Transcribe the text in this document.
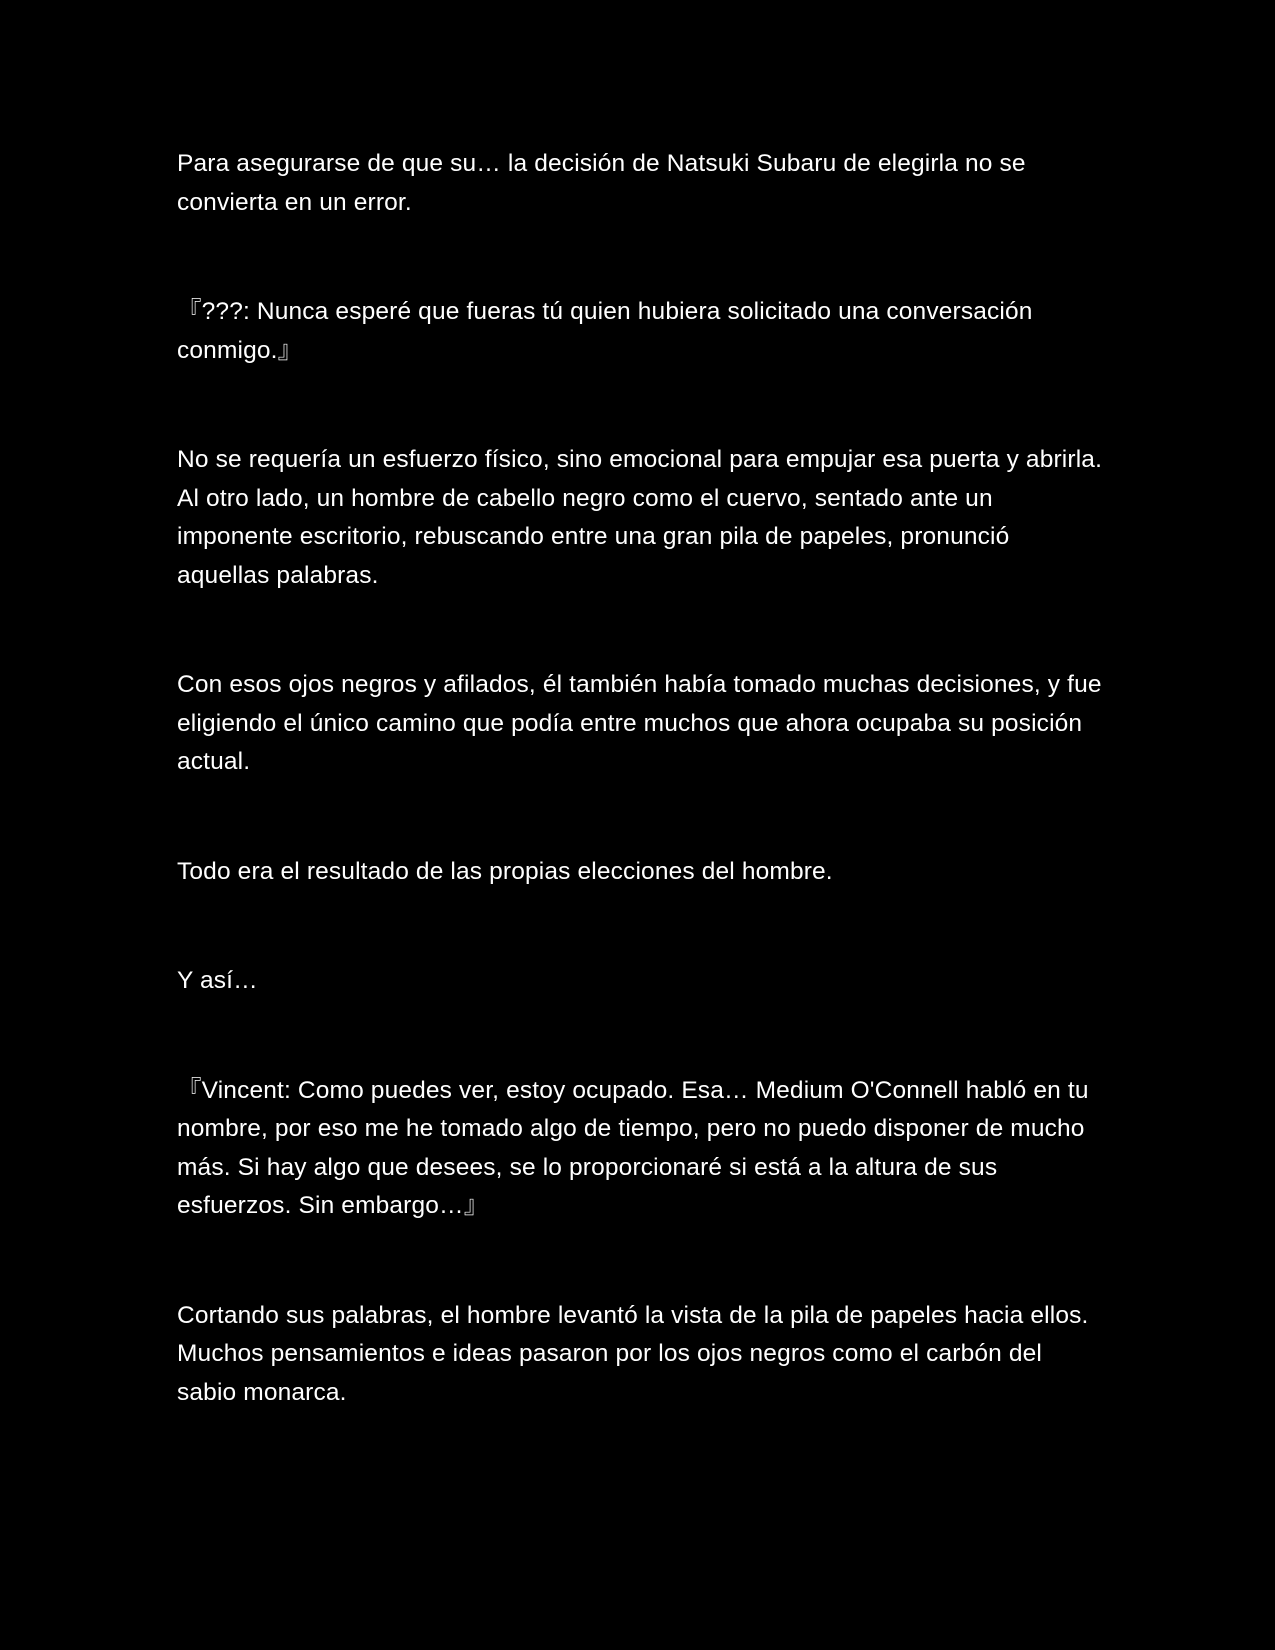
Para asegurarse de que su… la decisión de Natsuki Subaru de elegirla no se convierta en un error.

『???: Nunca esperé que fueras tú quien hubiera solicitado una conversación conmigo.』

No se requería un esfuerzo físico, sino emocional para empujar esa puerta y abrirla. Al otro lado, un hombre de cabello negro como el cuervo, sentado ante un imponente escritorio, rebuscando entre una gran pila de papeles, pronunció aquellas palabras.

Con esos ojos negros y afilados, él también había tomado muchas decisiones, y fue eligiendo el único camino que podía entre muchos que ahora ocupaba su posición actual.

Todo era el resultado de las propias elecciones del hombre.

Y así…

『Vincent: Como puedes ver, estoy ocupado. Esa… Medium O'Connell habló en tu nombre, por eso me he tomado algo de tiempo, pero no puedo disponer de mucho más. Si hay algo que desees, se lo proporcionaré si está a la altura de sus esfuerzos. Sin embargo…』

Cortando sus palabras, el hombre levantó la vista de la pila de papeles hacia ellos. Muchos pensamientos e ideas pasaron por los ojos negros como el carbón del sabio monarca.
